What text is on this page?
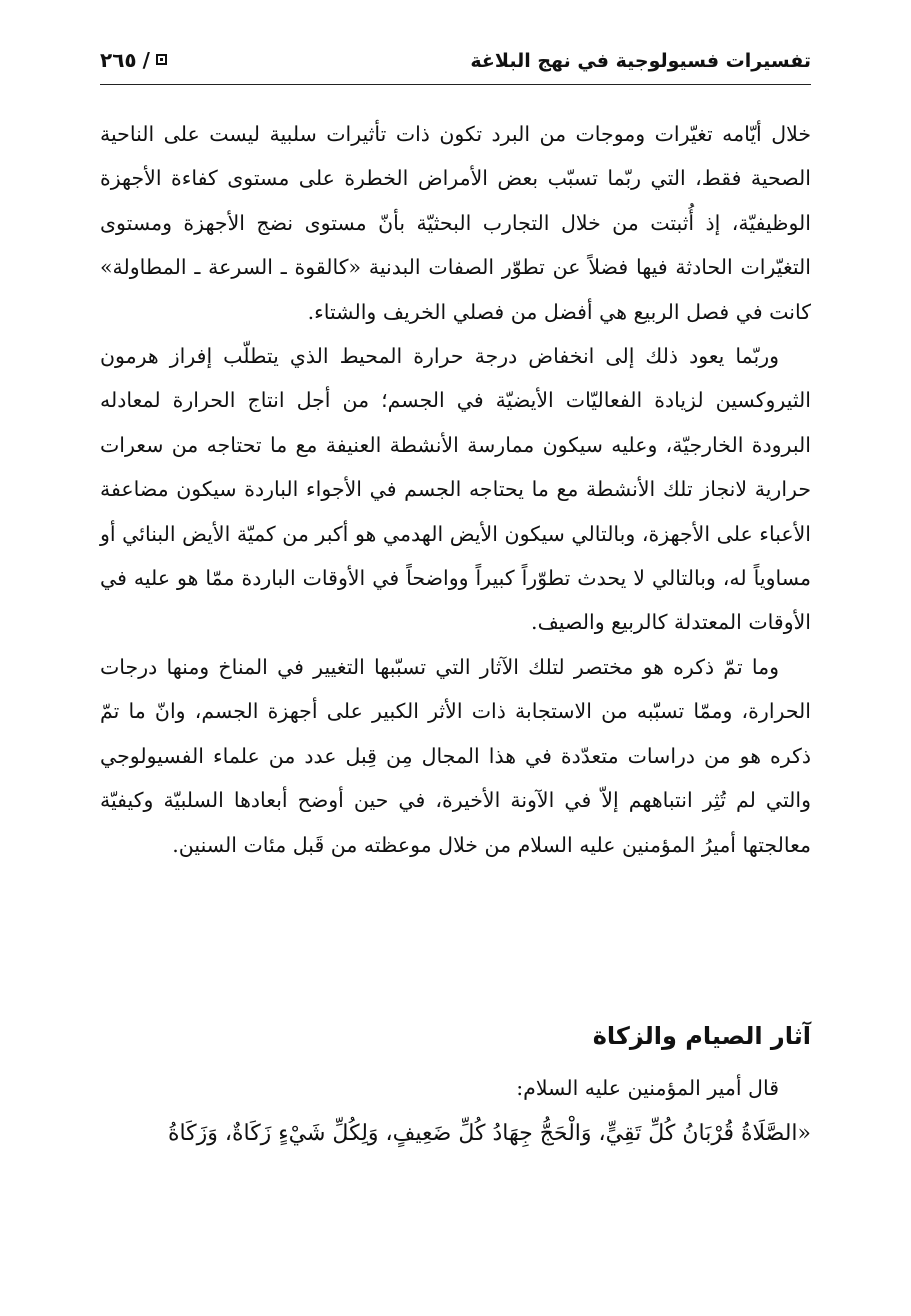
تفسيرات فسيولوجية في نهج البلاغة
٢٦٥ /

خلال أيّامه تغيّرات وموجات من البرد تكون ذات تأثيرات سلبية ليست على الناحية الصحية فقط، التي ربّما تسبّب بعض الأمراض الخطرة على مستوى كفاءة الأجهزة الوظيفيّة، إذ أُثبتت من خلال التجارب البحثيّة بأنّ مستوى نضج الأجهزة ومستوى التغيّرات الحادثة فيها فضلاً عن تطوّر الصفات البدنية «كالقوة ـ السرعة ـ المطاولة» كانت في فصل الربيع هي أفضل من فصلي الخريف والشتاء.

وربّما يعود ذلك إلى انخفاض درجة حرارة المحيط الذي يتطلّب إفراز هرمون الثيروكسين لزيادة الفعاليّات الأيضيّة في الجسم؛ من أجل انتاج الحرارة لمعادله البرودة الخارجيّة، وعليه سيكون ممارسة الأنشطة العنيفة مع ما تحتاجه من سعرات حرارية لانجاز تلك الأنشطة مع ما يحتاجه الجسم في الأجواء الباردة سيكون مضاعفة الأعباء على الأجهزة، وبالتالي سيكون الأيض الهدمي هو أكبر من كميّة الأيض البنائي أو مساوياً له، وبالتالي لا يحدث تطوّراً كبيراً وواضحاً في الأوقات الباردة ممّا هو عليه في الأوقات المعتدلة كالربيع والصيف.

وما تمّ ذكره هو مختصر لتلك الآثار التي تسبّبها التغيير في المناخ ومنها درجات الحرارة، وممّا تسبّبه من الاستجابة ذات الأثر الكبير على أجهزة الجسم، وانّ ما تمّ ذكره هو من دراسات متعدّدة في هذا المجال مِن قِبل عدد من علماء الفسيولوجي والتي لم تُثِر انتباههم إلاّ في الآونة الأخيرة، في حين أوضح أبعادها السلبيّة وكيفيّة معالجتها أميرُ المؤمنين عليه السلام من خلال موعظته من قَبل مئات السنين.

آثار الصيام والزكاة
قال أمير المؤمنين عليه السلام:
«الصَّلَاةُ قُرْبَانُ كُلِّ تَقِيٍّ، وَالْحَجُّ جِهَادُ كُلِّ ضَعِيفٍ، وَلِكُلِّ شَيْءٍ زَكَاةٌ، وَزَكَاةُ
